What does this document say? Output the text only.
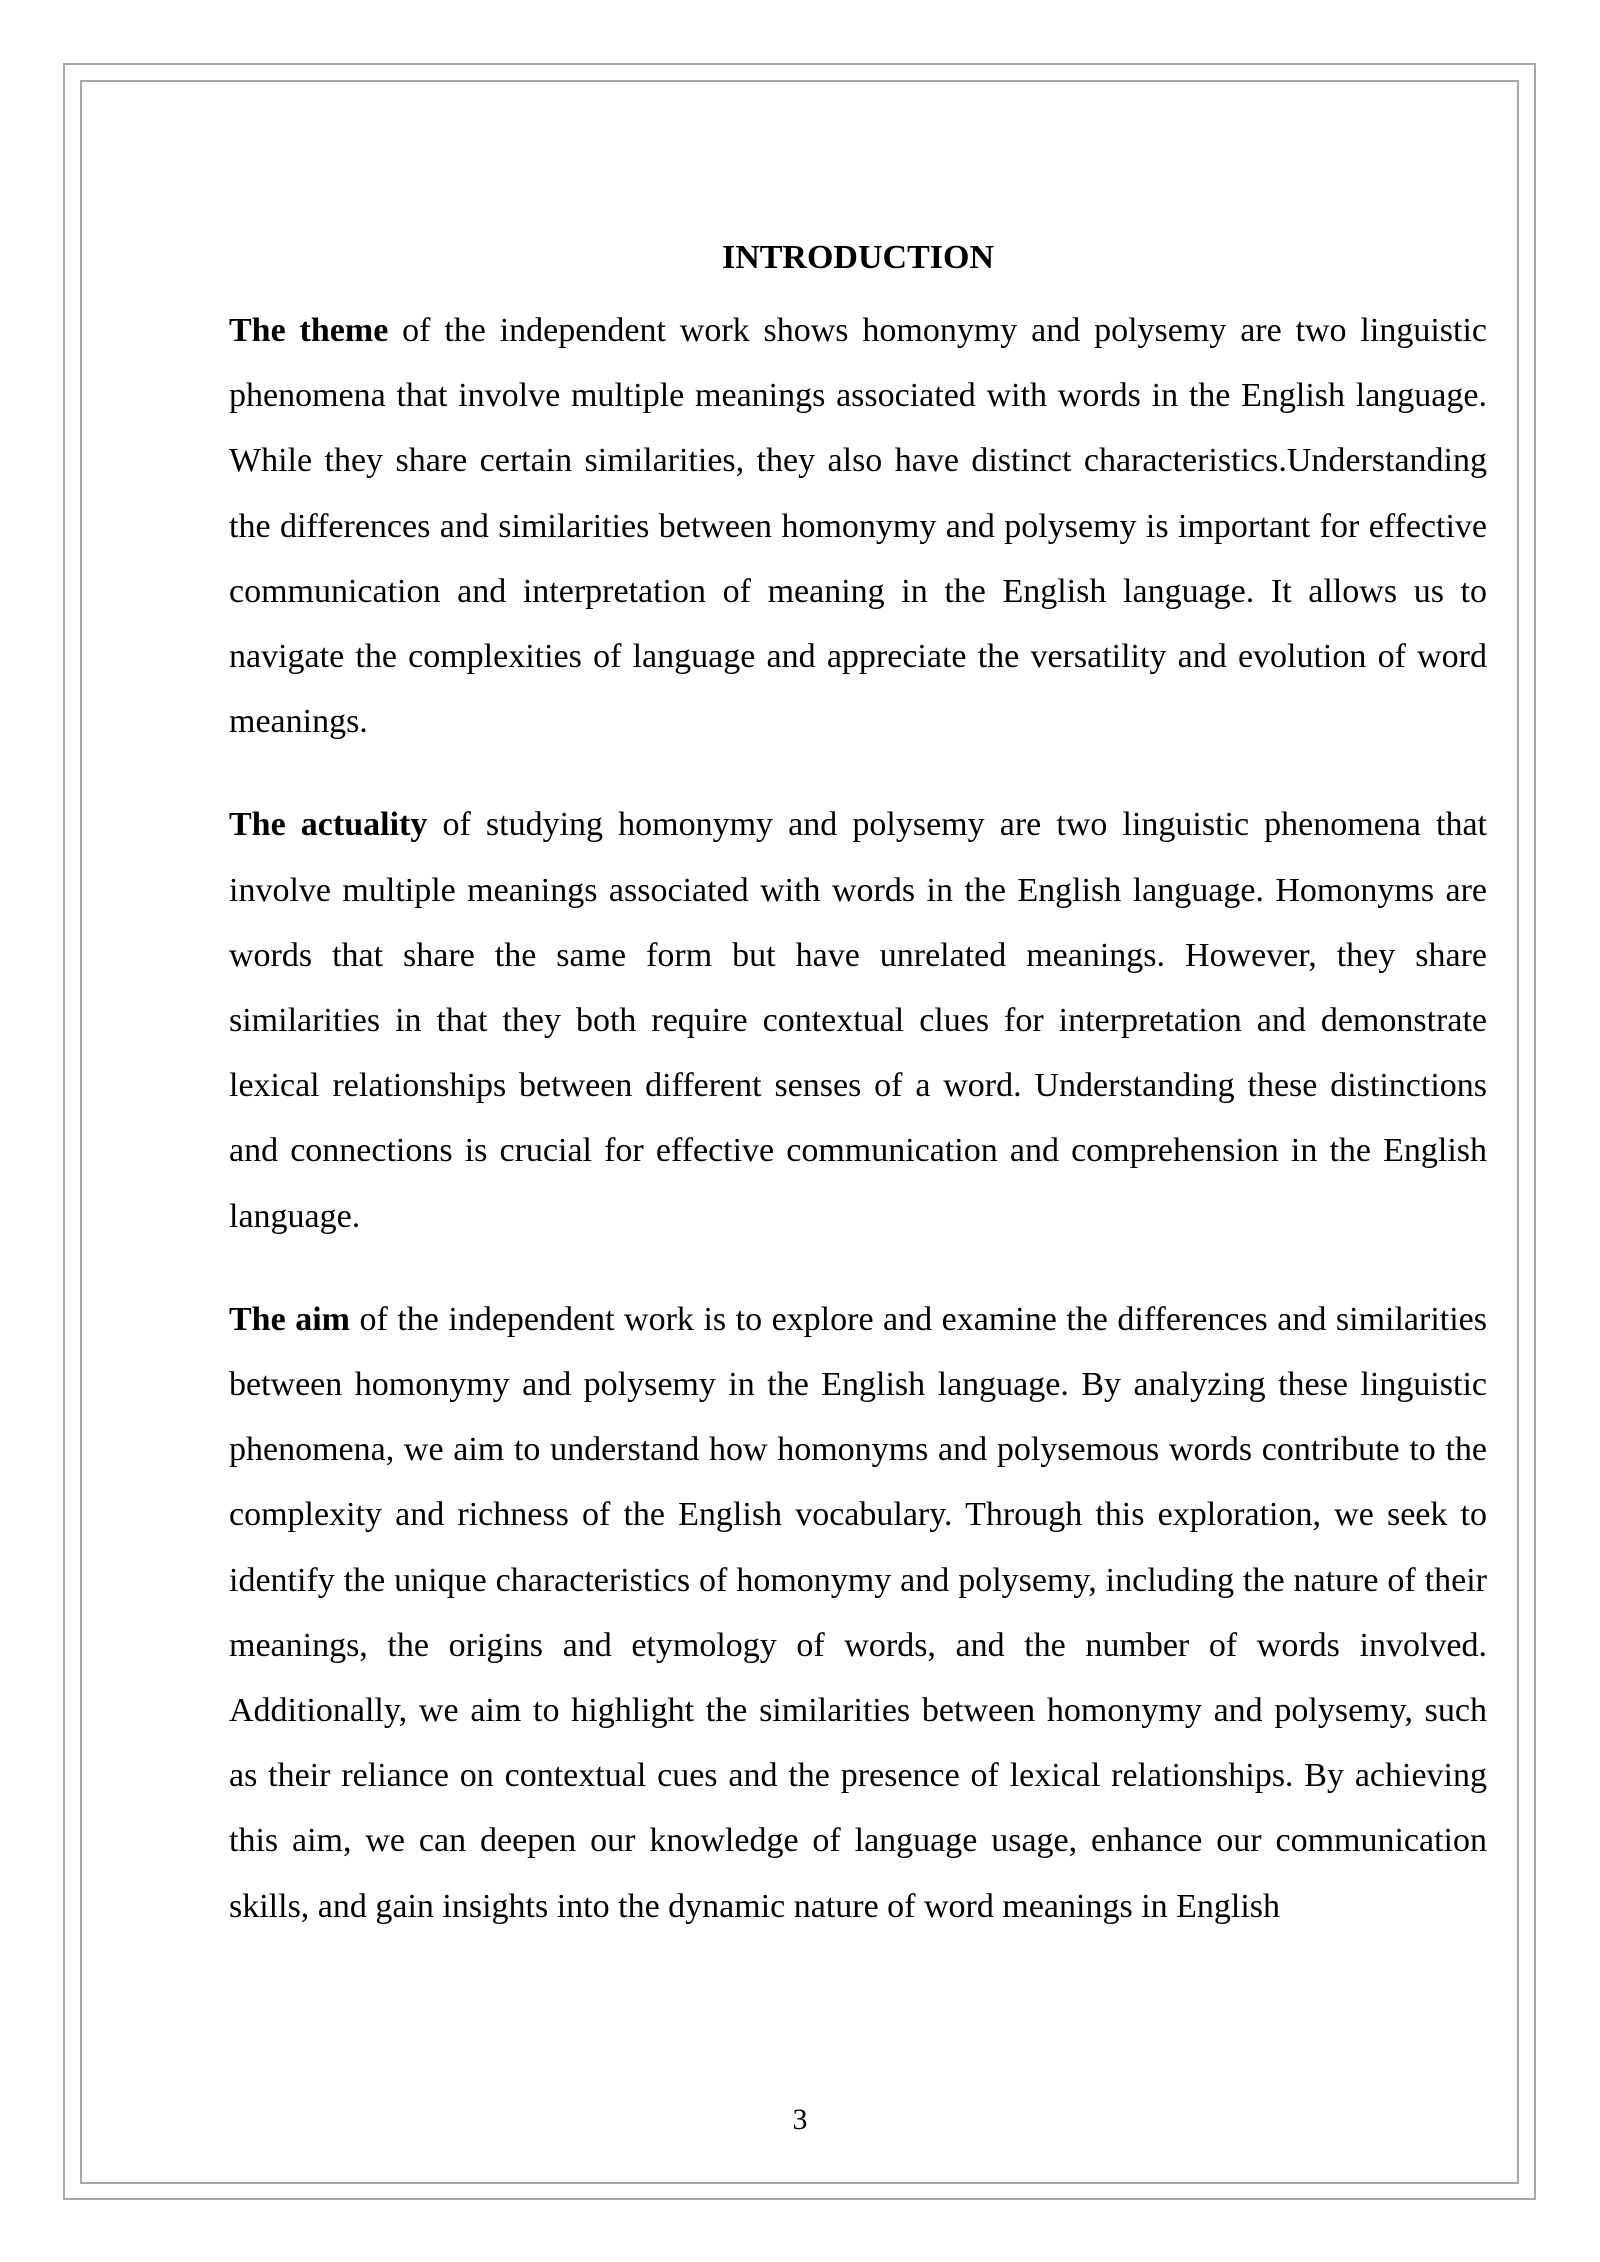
INTRODUCTION

The theme of the independent work shows homonymy and polysemy are two linguistic phenomena that involve multiple meanings associated with words in the English language. While they share certain similarities, they also have distinct characteristics.Understanding the differences and similarities between homonymy and polysemy is important for effective communication and interpretation of meaning in the English language. It allows us to navigate the complexities of language and appreciate the versatility and evolution of word meanings.

The actuality of studying homonymy and polysemy are two linguistic phenomena that involve multiple meanings associated with words in the English language. Homonyms are words that share the same form but have unrelated meanings. However, they share similarities in that they both require contextual clues for interpretation and demonstrate lexical relationships between different senses of a word. Understanding these distinctions and connections is crucial for effective communication and comprehension in the English language.

The aim of the independent work is to explore and examine the differences and similarities between homonymy and polysemy in the English language. By analyzing these linguistic phenomena, we aim to understand how homonyms and polysemous words contribute to the complexity and richness of the English vocabulary. Through this exploration, we seek to identify the unique characteristics of homonymy and polysemy, including the nature of their meanings, the origins and etymology of words, and the number of words involved. Additionally, we aim to highlight the similarities between homonymy and polysemy, such as their reliance on contextual cues and the presence of lexical relationships. By achieving this aim, we can deepen our knowledge of language usage, enhance our communication skills, and gain insights into the dynamic nature of word meanings in English

3
